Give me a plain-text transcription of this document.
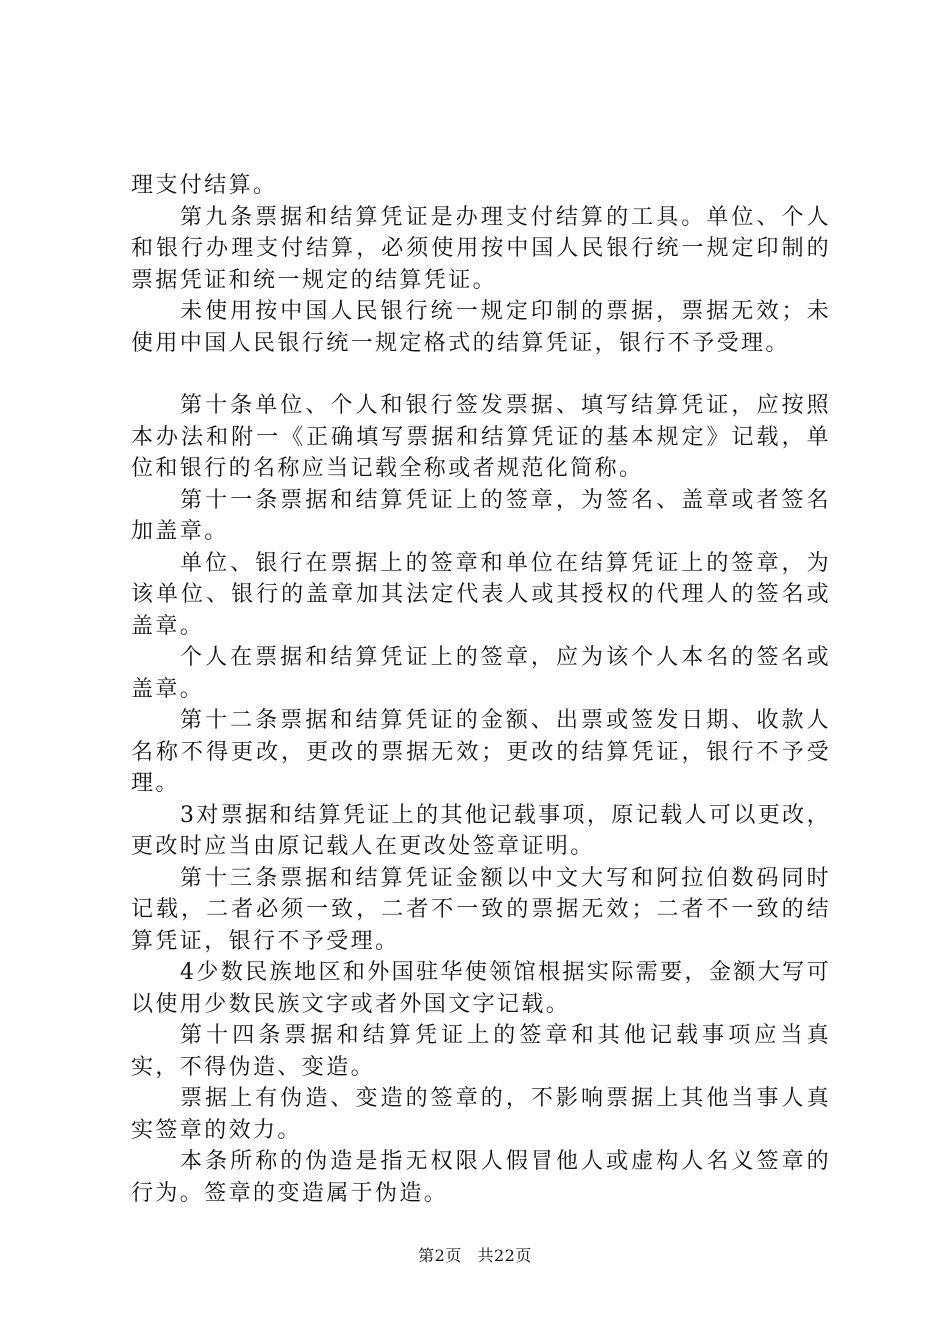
理支付结算。

第九条票据和结算凭证是办理支付结算的工具。单位、个人和银行办理支付结算，必须使用按中国人民银行统一规定印制的票据凭证和统一规定的结算凭证。

未使用按中国人民银行统一规定印制的票据，票据无效；未使用中国人民银行统一规定格式的结算凭证，银行不予受理。

第十条单位、个人和银行签发票据、填写结算凭证，应按照本办法和附一《正确填写票据和结算凭证的基本规定》记载，单位和银行的名称应当记载全称或者规范化简称。

第十一条票据和结算凭证上的签章，为签名、盖章或者签名加盖章。

单位、银行在票据上的签章和单位在结算凭证上的签章，为该单位、银行的盖章加其法定代表人或其授权的代理人的签名或盖章。

个人在票据和结算凭证上的签章，应为该个人本名的签名或盖章。

第十二条票据和结算凭证的金额、出票或签发日期、收款人名称不得更改，更改的票据无效；更改的结算凭证，银行不予受理。

3对票据和结算凭证上的其他记载事项，原记载人可以更改，更改时应当由原记载人在更改处签章证明。

第十三条票据和结算凭证金额以中文大写和阿拉伯数码同时记载，二者必须一致，二者不一致的票据无效；二者不一致的结算凭证，银行不予受理。

4少数民族地区和外国驻华使领馆根据实际需要，金额大写可以使用少数民族文字或者外国文字记载。

第十四条票据和结算凭证上的签章和其他记载事项应当真实，不得伪造、变造。

票据上有伪造、变造的签章的，不影响票据上其他当事人真实签章的效力。

本条所称的伪造是指无权限人假冒他人或虚构人名义签章的行为。签章的变造属于伪造。

第2页 共22页
